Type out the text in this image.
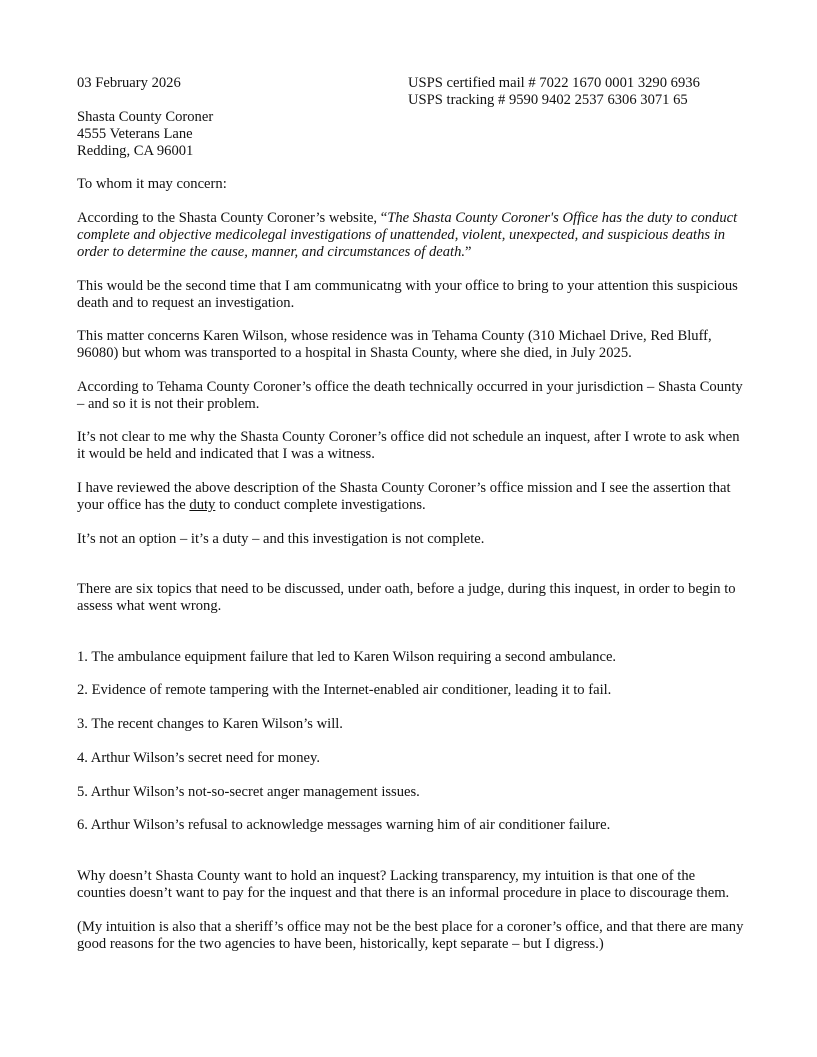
03 February 2026	USPS certified mail # 7022 1670 0001 3290 6936
USPS tracking # 9590 9402 2537 6306 3071 65
Shasta County Coroner
4555 Veterans Lane
Redding, CA 96001

To whom it may concern:

According to the Shasta County Coroner’s website, “The Shasta County Coroner's Office has the duty to conduct complete and objective medicolegal investigations of unattended, violent, unexpected, and suspicious deaths in order to determine the cause, manner, and circumstances of death.”

This would be the second time that I am communicatng with your office to bring to your attention this suspicious death and to request an investigation.

This matter concerns Karen Wilson, whose residence was in Tehama County (310 Michael Drive, Red Bluff, 96080) but whom was transported to a hospital in Shasta County, where she died, in July 2025.

According to Tehama County Coroner’s office the death technically occurred in your jurisdiction – Shasta County – and so it is not their problem.

It’s not clear to me why the Shasta County Coroner’s office did not schedule an inquest, after I wrote to ask when it would be held and indicated that I was a witness.

I have reviewed the above description of the Shasta County Coroner’s office mission and I see the assertion that your office has the duty to conduct complete investigations.

It’s not an option – it’s a duty – and this investigation is not complete.

There are six topics that need to be discussed, under oath, before a judge, during this inquest, in order to begin to assess what went wrong.

1. The ambulance equipment failure that led to Karen Wilson requiring a second ambulance.

2. Evidence of remote tampering with the Internet-enabled air conditioner, leading it to fail.

3. The recent changes to Karen Wilson’s will.

4. Arthur Wilson’s secret need for money.

5. Arthur Wilson’s not-so-secret anger management issues.

6. Arthur Wilson’s refusal to acknowledge messages warning him of air conditioner failure.

Why doesn’t Shasta County want to hold an inquest? Lacking transparency, my intuition is that one of the counties doesn’t want to pay for the inquest and that there is an informal procedure in place to discourage them.

(My intuition is also that a sheriff’s office may not be the best place for a coroner’s office, and that there are many good reasons for the two agencies to have been, historically, kept separate – but I digress.)
